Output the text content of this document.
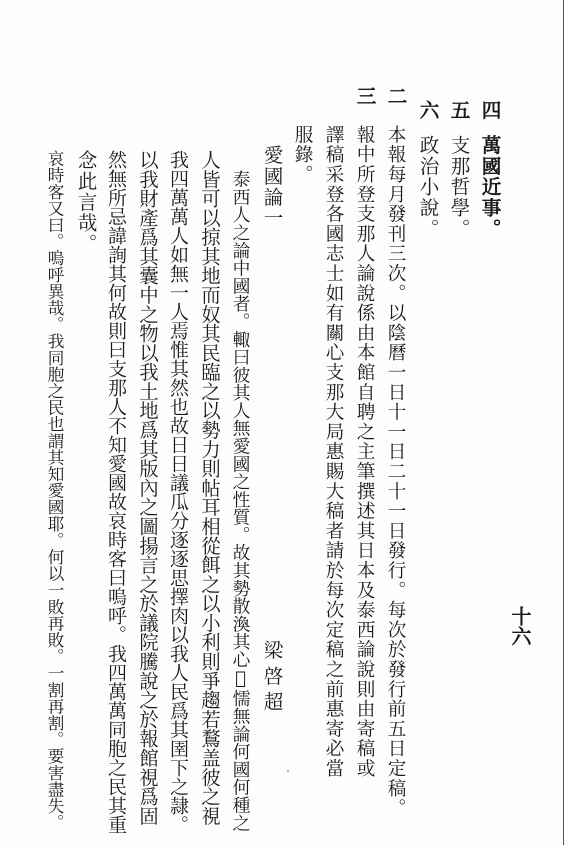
十六
四萬國近事。
五支那哲學。
六政治小說。
二
本報每月發刊三次。以陰曆一日十一日二十一日發行。每次於發行前五日定稿。
三
報中所登支那人論說係由本館自聘之主筆撰述其日本及泰西論說則由寄稿或
譯稿采登各國志士如有關心支那大局惠賜大稿者請於每次定稿之前惠寄必當
服錄。
愛國論一
梁啓超
泰西人之論中國者。輙曰彼其人無愛國之性質。故其勢散渙其心𢙣懦無論何國何種之
人皆可以掠其地而奴其民臨之以勢力則帖耳相從餌之以小利則爭趨若鶩盖彼之視
我四萬萬人如無一人焉惟其然也故日日議瓜分逐逐思擇肉以我人民爲其圉下之隷。
以我財產爲其囊中之物以我土地爲其版內之圖揚言之於議院騰說之於報館視爲固
然無所忌諱詢其何故則曰支那人不知愛國故哀時客曰嗚呼。我四萬萬同胞之民其重
念此言哉。
哀時客又曰。嗚呼異哉。我同胞之民也謂其知愛國耶。何以一敗再敗。一割再割。要害盡失。
